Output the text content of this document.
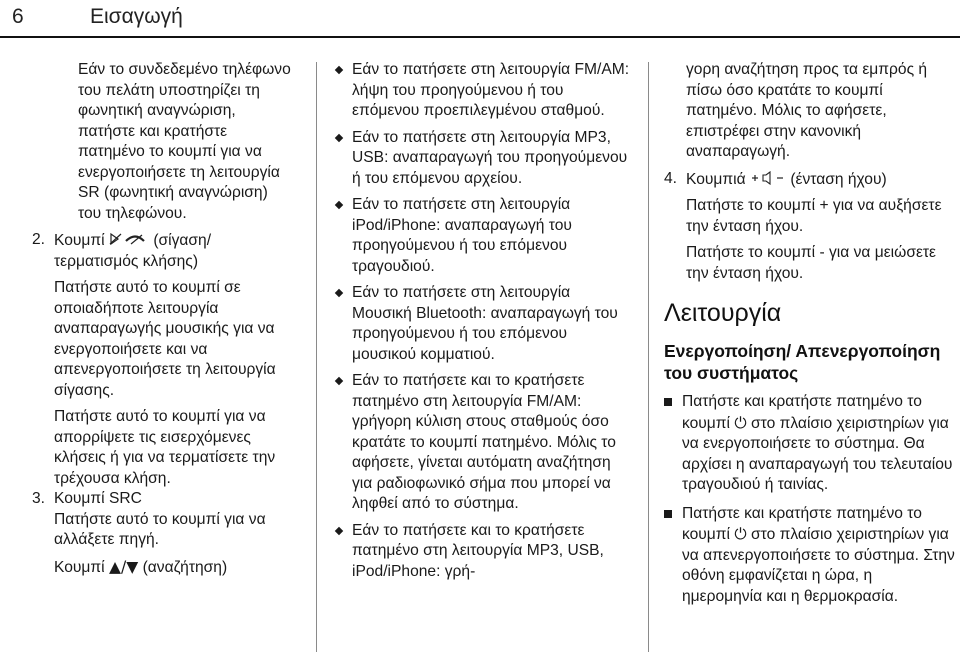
6	Εισαγωγή

Εάν το συνδεδεμένο τηλέφωνο του πελάτη υποστηρίζει τη φωνητική αναγνώριση, πατήστε και κρατήστε πατημένο το κουμπί για να ενεργοποιήσετε τη λειτουργία SR (φωνητική αναγνώριση) του τηλεφώνου.

2. Κουμπί	(σίγαση/τερματισμός κλήσης)

Πατήστε αυτό το κουμπί σε οποιαδήποτε λειτουργία αναπαραγωγής μουσικής για να ενεργοποιήσετε και να απενεργοποιήσετε τη λειτουργία σίγασης.

Πατήστε αυτό το κουμπί για να απορρίψετε τις εισερχόμενες κλήσεις ή για να τερματίσετε την τρέχουσα κλήση.

3. Κουμπί SRC

Πατήστε αυτό το κουμπί για να αλλάξετε πηγή.

Κουμπί ▲/▼ (αναζήτηση)

Εάν το πατήσετε στη λειτουργία FM/AM: λήψη του προηγούμενου ή του επόμενου προεπιλεγμένου σταθμού.
Εάν το πατήσετε στη λειτουργία MP3, USB: αναπαραγωγή του προηγούμενου ή του επόμενου αρχείου.
Εάν το πατήσετε στη λειτουργία iPod/iPhone: αναπαραγωγή του προηγούμενου ή του επόμενου τραγουδιού.
Εάν το πατήσετε στη λειτουργία Μουσική Bluetooth: αναπαραγωγή του προηγούμενου ή του επόμενου μουσικού κομματιού.
Εάν το πατήσετε και το κρατήσετε πατημένο στη λειτουργία FM/AM: γρήγορη κύλιση στους σταθμούς όσο κρατάτε το κουμπί πατημένο. Μόλις το αφήσετε, γίνεται αυτόματη αναζήτηση για ραδιοφωνικό σήμα που μπορεί να ληφθεί από το σύστημα.
Εάν το πατήσετε και το κρατήσετε πατημένο στη λειτουργία MP3, USB, iPod/iPhone: γρή-

γορη αναζήτηση προς τα εμπρός ή πίσω όσο κρατάτε το κουμπί πατημένο. Μόλις το αφήσετε, επιστρέφει στην κανονική αναπαραγωγή.

4. Κουμπιά	(ένταση ήχου)

Πατήστε το κουμπί + για να αυξήσετε την ένταση ήχου.

Πατήστε το κουμπί - για να μειώσετε την ένταση ήχου.

Λειτουργία
Ενεργοποίηση/ Απενεργοποίηση του συστήματος
Πατήστε και κρατήστε πατημένο το κουμπί ⏻ στο πλαίσιο χειριστηρίων για να ενεργοποιήσετε το σύστημα. Θα αρχίσει η αναπαραγωγή του τελευταίου τραγουδιού ή ταινίας.
Πατήστε και κρατήστε πατημένο το κουμπί ⏻ στο πλαίσιο χειριστηρίων για να απενεργοποιήσετε το σύστημα. Στην οθόνη εμφανίζεται η ώρα, η ημερομηνία και η θερμοκρασία.
